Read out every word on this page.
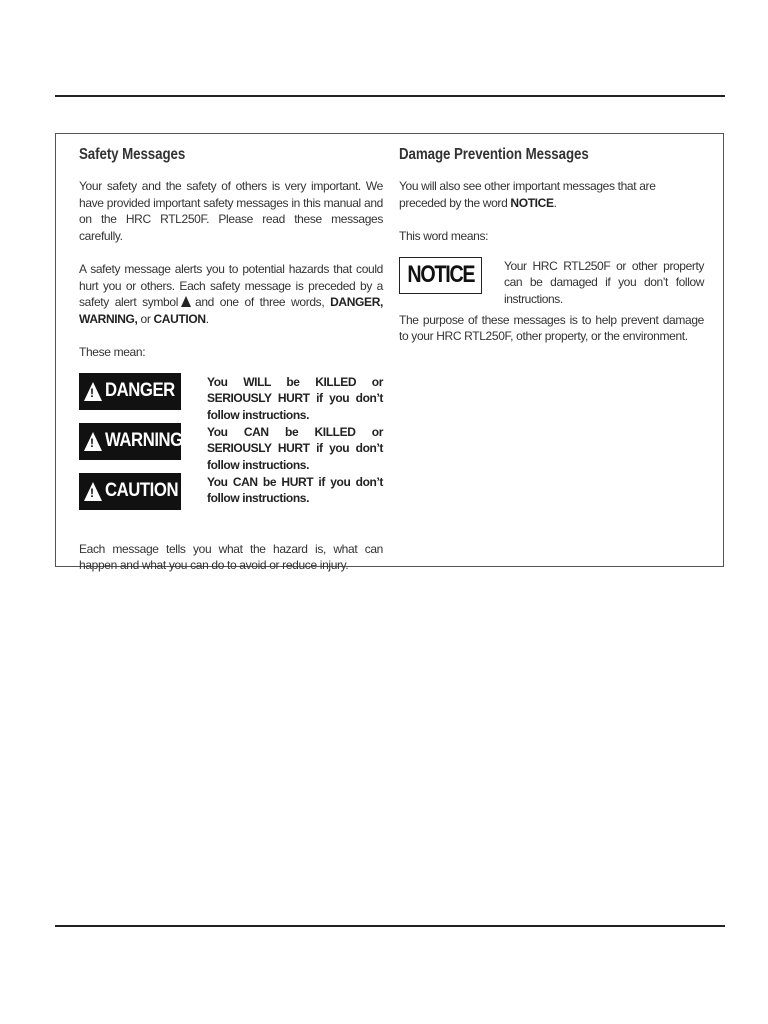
Safety Messages

Your safety and the safety of others is very important. We have provided important safety messages in this manual and on the HRC RTL250F. Please read these messages carefully.

A safety message alerts you to potential hazards that could hurt you or others. Each safety message is preceded by a safety alert symbol and one of three words, DANGER, WARNING, or CAUTION.

These mean:

!
DANGER	You WILL be KILLED or SERIOUSLY HURT if you don’t follow instructions.
!
WARNING You CAN be KILLED or SERIOUSLY HURT if you don’t follow instructions.
!
CAUTION You CAN be HURT if you don’t follow instructions.

Each message tells you what the hazard is, what can happen and what you can do to avoid or reduce injury.

Damage Prevention Messages

You will also see other important messages that are preceded by the word NOTICE.

This word means:

NOTICE	Your HRC RTL250F or other property can be damaged if you don’t follow instructions.

The purpose of these messages is to help prevent damage to your HRC RTL250F, other property, or the environment.
